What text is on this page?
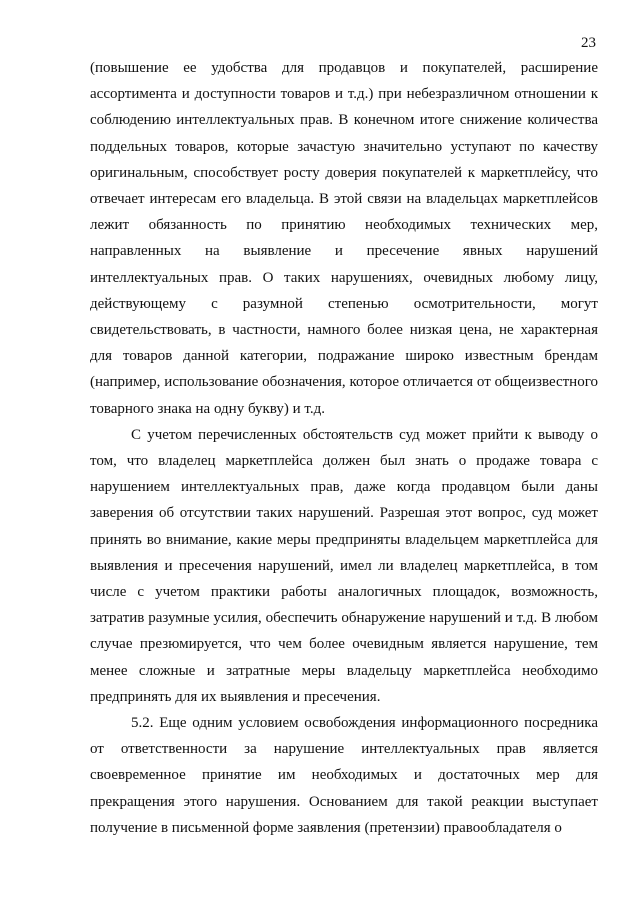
23

(повышение ее удобства для продавцов и покупателей, расширение ассортимента и доступности товаров и т.д.) при небезразличном отношении к соблюдению интеллектуальных прав. В конечном итоге снижение количества поддельных товаров, которые зачастую значительно уступают по качеству оригинальным, способствует росту доверия покупателей к маркетплейсу, что отвечает интересам его владельца. В этой связи на владельцах маркетплейсов лежит обязанность по принятию необходимых технических мер, направленных на выявление и пресечение явных нарушений интеллектуальных прав. О таких нарушениях, очевидных любому лицу, действующему с разумной степенью осмотрительности, могут свидетельствовать, в частности, намного более низкая цена, не характерная для товаров данной категории, подражание широко известным брендам (например, использование обозначения, которое отличается от общеизвестного товарного знака на одну букву) и т.д.

С учетом перечисленных обстоятельств суд может прийти к выводу о том, что владелец маркетплейса должен был знать о продаже товара с нарушением интеллектуальных прав, даже когда продавцом были даны заверения об отсутствии таких нарушений. Разрешая этот вопрос, суд может принять во внимание, какие меры предприняты владельцем маркетплейса для выявления и пресечения нарушений, имел ли владелец маркетплейса, в том числе с учетом практики работы аналогичных площадок, возможность, затратив разумные усилия, обеспечить обнаружение нарушений и т.д. В любом случае презюмируется, что чем более очевидным является нарушение, тем менее сложные и затратные меры владельцу маркетплейса необходимо предпринять для их выявления и пресечения.

5.2. Еще одним условием освобождения информационного посредника от ответственности за нарушение интеллектуальных прав является своевременное принятие им необходимых и достаточных мер для прекращения этого нарушения. Основанием для такой реакции выступает получение в письменной форме заявления (претензии) правообладателя о
